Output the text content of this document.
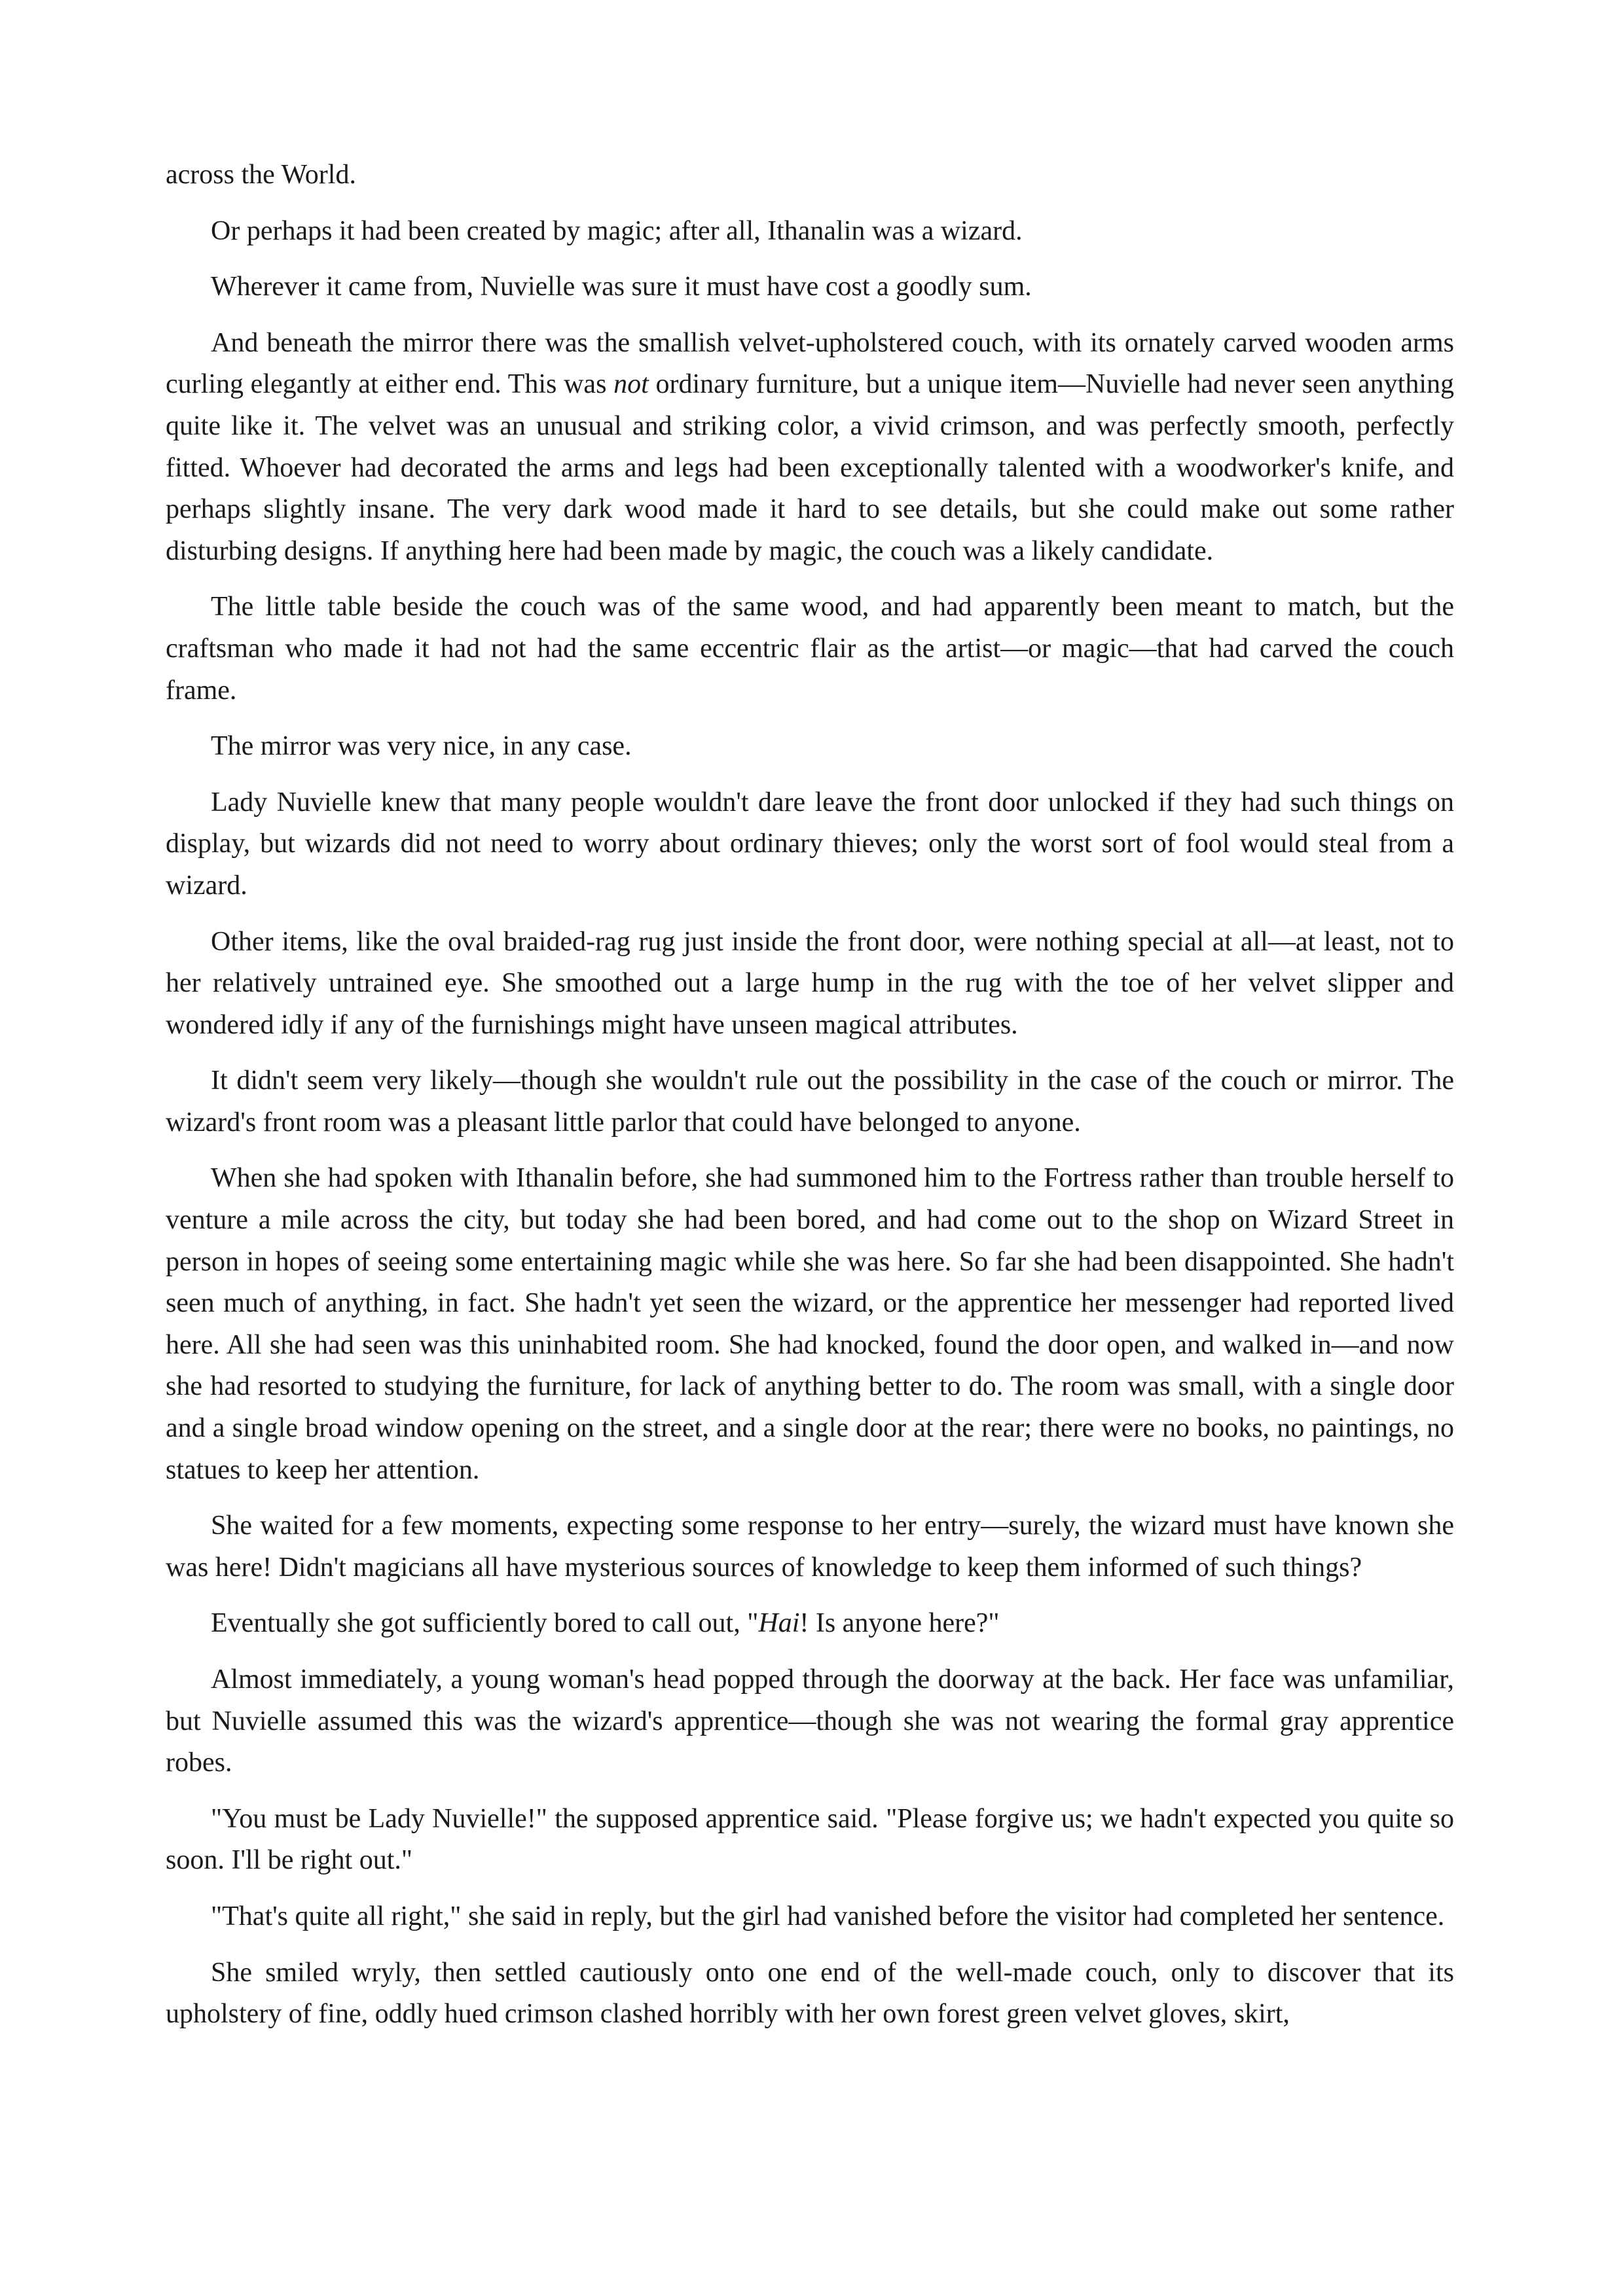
across the World.

Or perhaps it had been created by magic; after all, Ithanalin was a wizard.

Wherever it came from, Nuvielle was sure it must have cost a goodly sum.

And beneath the mirror there was the smallish velvet-upholstered couch, with its ornately carved wooden arms curling elegantly at either end. This was not ordinary furniture, but a unique item—Nuvielle had never seen anything quite like it. The velvet was an unusual and striking color, a vivid crimson, and was perfectly smooth, perfectly fitted. Whoever had decorated the arms and legs had been exceptionally talented with a woodworker's knife, and perhaps slightly insane. The very dark wood made it hard to see details, but she could make out some rather disturbing designs. If anything here had been made by magic, the couch was a likely candidate.

The little table beside the couch was of the same wood, and had apparently been meant to match, but the craftsman who made it had not had the same eccentric flair as the artist—or magic—that had carved the couch frame.

The mirror was very nice, in any case.

Lady Nuvielle knew that many people wouldn't dare leave the front door unlocked if they had such things on display, but wizards did not need to worry about ordinary thieves; only the worst sort of fool would steal from a wizard.

Other items, like the oval braided-rag rug just inside the front door, were nothing special at all—at least, not to her relatively untrained eye. She smoothed out a large hump in the rug with the toe of her velvet slipper and wondered idly if any of the furnishings might have unseen magical attributes.

It didn't seem very likely—though she wouldn't rule out the possibility in the case of the couch or mirror. The wizard's front room was a pleasant little parlor that could have belonged to anyone.

When she had spoken with Ithanalin before, she had summoned him to the Fortress rather than trouble herself to venture a mile across the city, but today she had been bored, and had come out to the shop on Wizard Street in person in hopes of seeing some entertaining magic while she was here. So far she had been disappointed. She hadn't seen much of anything, in fact. She hadn't yet seen the wizard, or the apprentice her messenger had reported lived here. All she had seen was this uninhabited room. She had knocked, found the door open, and walked in—and now she had resorted to studying the furniture, for lack of anything better to do. The room was small, with a single door and a single broad window opening on the street, and a single door at the rear; there were no books, no paintings, no statues to keep her attention.

She waited for a few moments, expecting some response to her entry—surely, the wizard must have known she was here! Didn't magicians all have mysterious sources of knowledge to keep them informed of such things?

Eventually she got sufficiently bored to call out, "Hai! Is anyone here?"

Almost immediately, a young woman's head popped through the doorway at the back. Her face was unfamiliar, but Nuvielle assumed this was the wizard's apprentice—though she was not wearing the formal gray apprentice robes.

"You must be Lady Nuvielle!" the supposed apprentice said. "Please forgive us; we hadn't expected you quite so soon. I'll be right out."

"That's quite all right," she said in reply, but the girl had vanished before the visitor had completed her sentence.

She smiled wryly, then settled cautiously onto one end of the well-made couch, only to discover that its upholstery of fine, oddly hued crimson clashed horribly with her own forest green velvet gloves, skirt,
